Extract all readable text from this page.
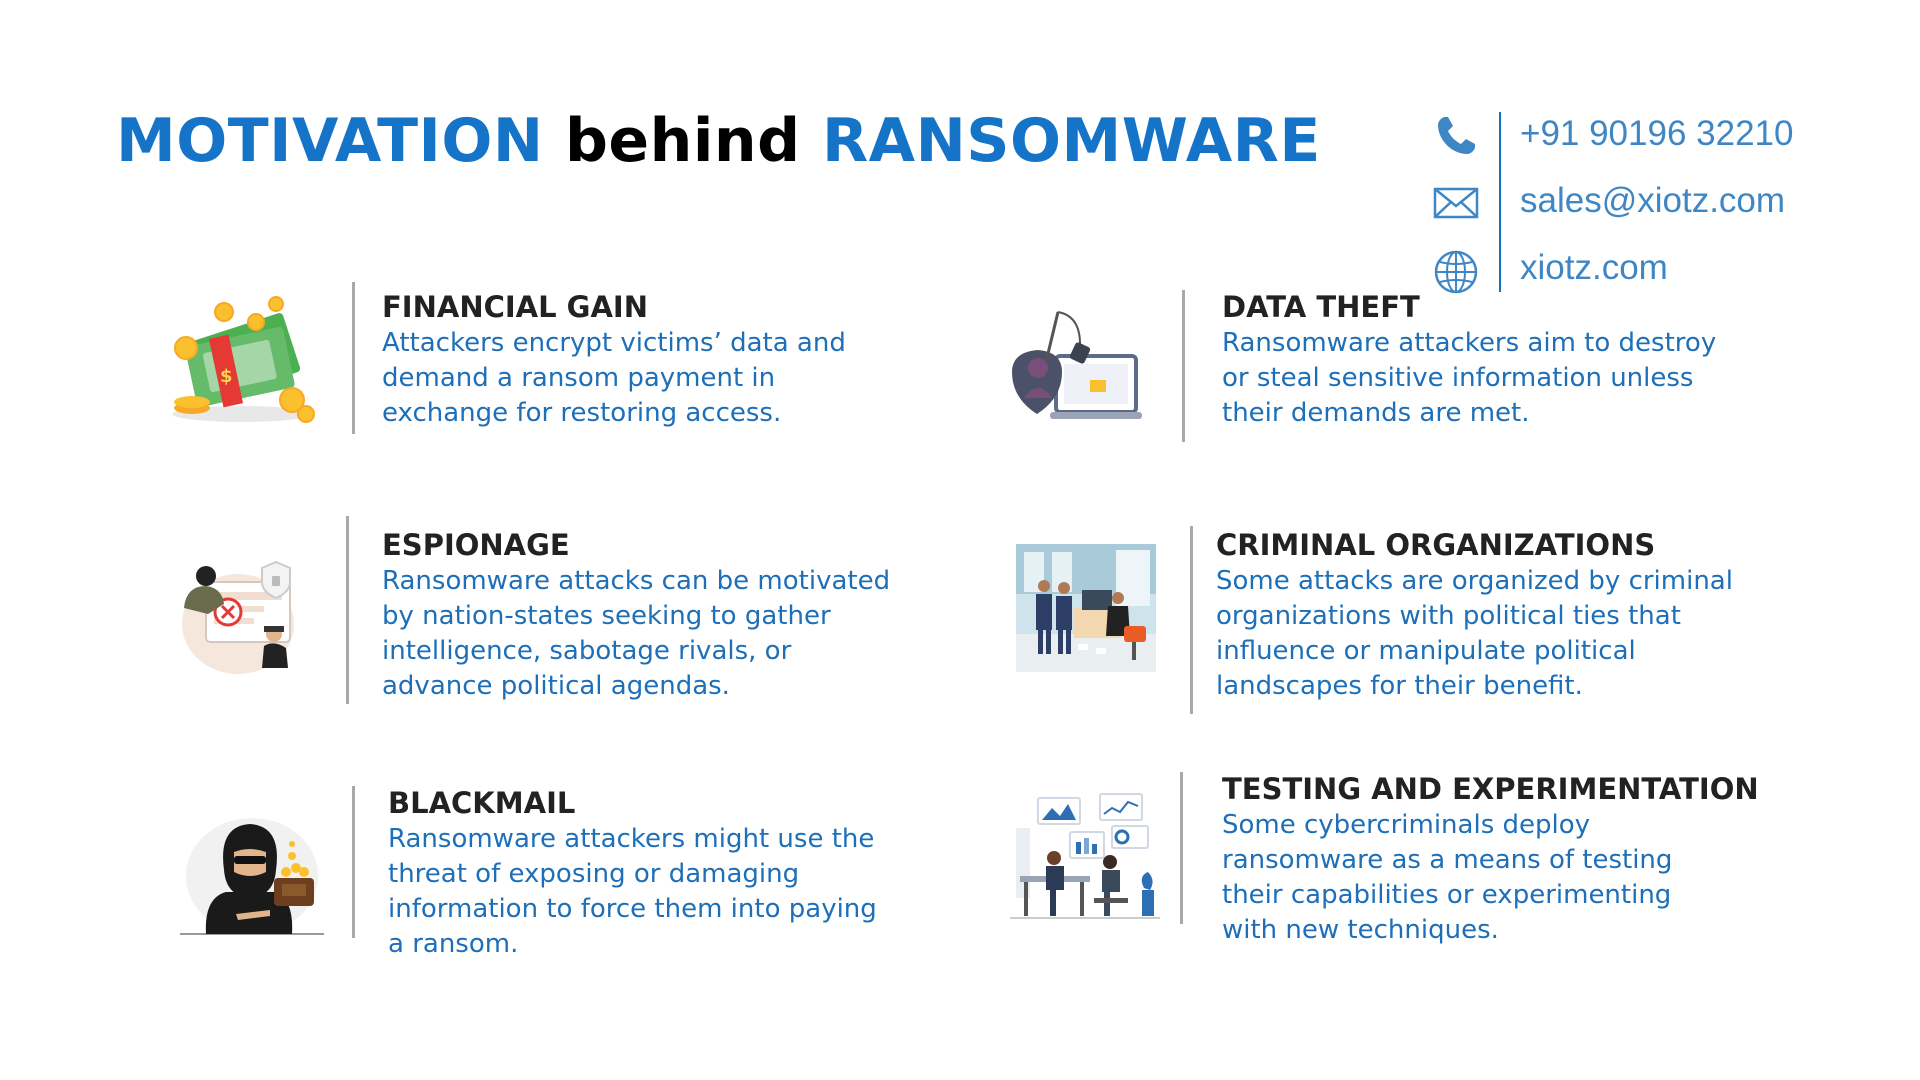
MOTIVATION behind RANSOMWARE	+91 90196 32210
sales@xiotz.com
xiotz.com
$
FINANCIAL GAIN

Attackers encrypt victims’ data and demand a ransom payment in exchange for restoring access.

DATA THEFT

Ransomware attackers aim to destroy or steal sensitive information unless their demands are met.

ESPIONAGE

Ransomware attacks can be motivated by nation-states seeking to gather intelligence, sabotage rivals, or advance political agendas.

CRIMINAL ORGANIZATIONS

Some attacks are organized by criminal organizations with political ties that influence or manipulate political landscapes for their benefit.

BLACKMAIL

Ransomware attackers might use the threat of exposing or damaging information to force them into paying a ransom.

TESTING AND EXPERIMENTATION

Some cybercriminals deploy ransomware as a means of testing their capabilities or experimenting with new techniques.
